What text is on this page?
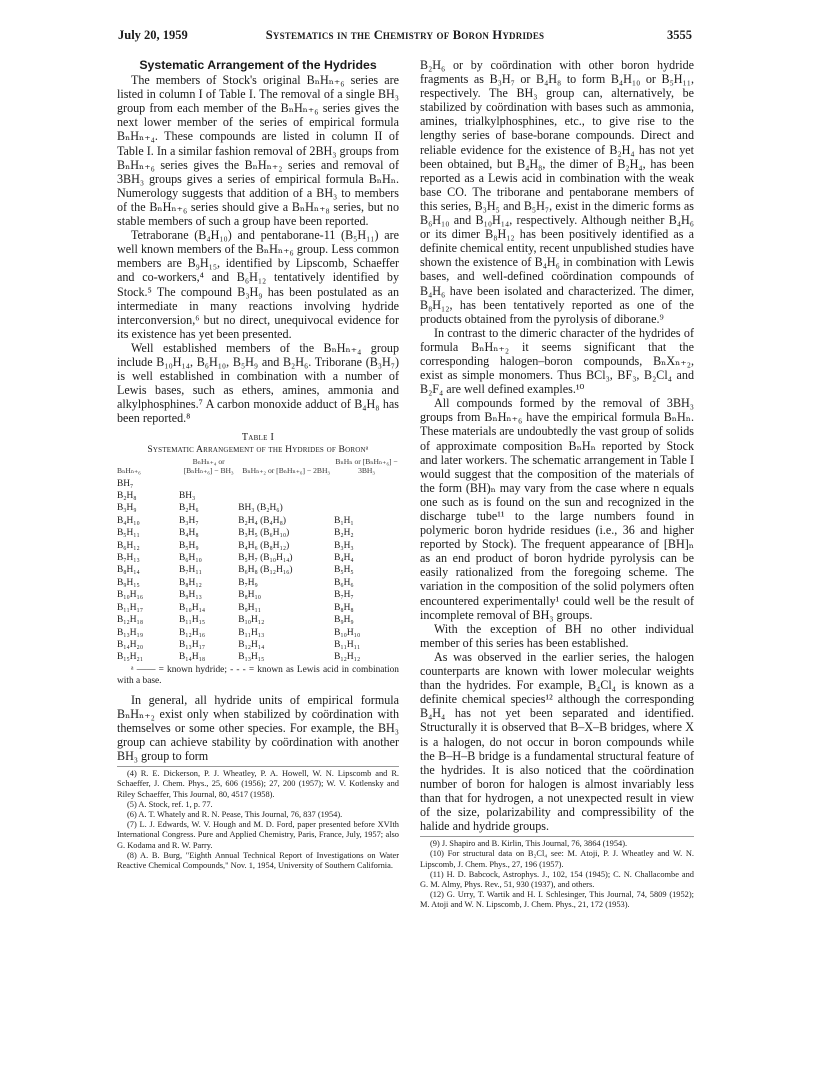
July 20, 1959	Systematics in the Chemistry of Boron Hydrides	3555
Systematic Arrangement of the Hydrides

The members of Stock's original BₙHₙ₊₆ series are listed in column I of Table I. The removal of a single BH₃ group from each member of the BₙHₙ₊₆ series gives the next lower member of the series of empirical formula BₙHₙ₊₄. These compounds are listed in column II of Table I. In a similar fashion removal of 2BH₃ groups from BₙHₙ₊₆ series gives the BₙHₙ₊₂ series and removal of 3BH₃ groups gives a series of empirical formula BₙHₙ. Numerology suggests that addition of a BH₃ to members of the BₙHₙ₊₆ series should give a BₙHₙ₊₈ series, but no stable members of such a group have been reported.

Tetraborane (B₄H₁₀) and pentaborane-11 (B₅H₁₁) are well known members of the BₙHₙ₊₆ group. Less common members are B₉H₁₅, identified by Lipscomb, Schaeffer and co-workers,⁴ and B₆H₁₂ tentatively identified by Stock.⁵ The compound B₃H₉ has been postulated as an intermediate in many reactions involving hydride interconversion,⁶ but no direct, unequivocal evidence for its existence has yet been presented.

Well established members of the BₙHₙ₊₄ group include B₁₀H₁₄, B₆H₁₀, B₅H₉ and B₂H₆. Triborane (B₃H₇) is well established in combination with a number of Lewis bases, such as ethers, amines, ammonia and alkylphosphines.⁷ A carbon monoxide adduct of B₄H₈ has been reported.⁸

Table I
Systematic Arrangement of the Hydrides of Boronᵃ
BₙHₙ₊₆	BₙHₙ₊₄ or [BₙHₙ₊₆] − BH₃	BₙHₙ₊₂ or [BₙHₙ₊₆] − 2BH₃	BₙHₙ or [BₙHₙ₊₆] − 3BH₃
BH₇			
B₂H₈	BH₃		
B₃H₉	B₂H₆	BH₃ (B₂H₆)	
B₄H₁₀	B₃H₇	B₂H₄ (B₄H₈)	B₁H₁
B₅H₁₁	B₄H₈	B₃H₅ (B₆H₁₀)	B₂H₂
B₆H₁₂	B₅H₉	B₄H₆ (B₈H₁₂)	B₃H₃
B₇H₁₃	B₆H₁₀	B₅H₇ (B₁₀H₁₄)	B₄H₄
B₈H₁₄	B₇H₁₁	B₆H₈ (B₁₂H₁₆)	B₅H₅
B₉H₁₅	B₈H₁₂	B₇H₉	B₆H₆
B₁₀H₁₆	B₉H₁₃	B₈H₁₀	B₇H₇
B₁₁H₁₇	B₁₀H₁₄	B₉H₁₁	B₈H₈
B₁₂H₁₈	B₁₁H₁₅	B₁₀H₁₂	B₉H₉
B₁₃H₁₉	B₁₂H₁₆	B₁₁H₁₃	B₁₀H₁₀
B₁₄H₂₀	B₁₃H₁₇	B₁₂H₁₄	B₁₁H₁₁
B₁₅H₂₁	B₁₄H₁₈	B₁₃H₁₅	B₁₂H₁₂
ᵃ —— = known hydride; - - - = known as Lewis acid in combination with a base.

In general, all hydride units of empirical formula BₙHₙ₊₂ exist only when stabilized by coördination with themselves or some other species. For example, the BH₃ group can achieve stability by coördination with another BH₃ group to form

(4) R. E. Dickerson, P. J. Wheatley, P. A. Howell, W. N. Lipscomb and R. Schaeffer, J. Chem. Phys., 25, 606 (1956); 27, 200 (1957); W. V. Kotlensky and Riley Schaeffer, This Journal, 80, 4517 (1958).
(5) A. Stock, ref. 1, p. 77.
(6) A. T. Whately and R. N. Pease, This Journal, 76, 837 (1954).
(7) L. J. Edwards, W. V. Hough and M. D. Ford, paper presented before XVIth International Congress. Pure and Applied Chemistry, Paris, France, July, 1957; also G. Kodama and R. W. Parry.
(8) A. B. Burg, "Eighth Annual Technical Report of Investigations on Water Reactive Chemical Compounds," Nov. 1, 1954, University of Southern California.

B₂H₆ or by coördination with other boron hydride fragments as B₃H₇ or B₄H₈ to form B₄H₁₀ or B₅H₁₁, respectively. The BH₃ group can, alternatively, be stabilized by coördination with bases such as ammonia, amines, trialkylphosphines, etc., to give rise to the lengthy series of base-borane compounds. Direct and reliable evidence for the existence of B₂H₄ has not yet been obtained, but B₄H₈, the dimer of B₂H₄, has been reported as a Lewis acid in combination with the weak base CO. The triborane and pentaborane members of this series, B₃H₅ and B₅H₇, exist in the dimeric forms as B₆H₁₀ and B₁₀H₁₄, respectively. Although neither B₄H₆ or its dimer B₈H₁₂ has been positively identified as a definite chemical entity, recent unpublished studies have shown the existence of B₄H₆ in combination with Lewis bases, and well-defined coördination compounds of B₄H₆ have been isolated and characterized. The dimer, B₈H₁₂, has been tentatively reported as one of the products obtained from the pyrolysis of diborane.⁹

In contrast to the dimeric character of the hydrides of formula BₙHₙ₊₂ it seems significant that the corresponding halogen–boron compounds, BₙXₙ₊₂, exist as simple monomers. Thus BCl₃, BF₃, B₂Cl₄ and B₂F₄ are well defined examples.¹⁰

All compounds formed by the removal of 3BH₃ groups from BₙHₙ₊₆ have the empirical formula BₙHₙ. These materials are undoubtedly the vast group of solids of approximate composition BₙHₙ reported by Stock and later workers. The schematic arrangement in Table I would suggest that the composition of the materials of the form (BH)ₙ may vary from the case where n equals one such as is found on the sun and recognized in the discharge tube¹¹ to the large numbers found in polymeric boron hydride residues (i.e., 36 and higher reported by Stock). The frequent appearance of [BH]ₙ as an end product of boron hydride pyrolysis can be easily rationalized from the foregoing scheme. The variation in the composition of the solid polymers often encountered experimentally¹ could well be the result of incomplete removal of BH₃ groups.

With the exception of BH no other individual member of this series has been established.

As was observed in the earlier series, the halogen counterparts are known with lower molecular weights than the hydrides. For example, B₄Cl₄ is known as a definite chemical species¹² although the corresponding B₄H₄ has not yet been separated and identified. Structurally it is observed that B–X–B bridges, where X is a halogen, do not occur in boron compounds while the B–H–B bridge is a fundamental structural feature of the hydrides. It is also noticed that the coördination number of boron for halogen is almost invariably less than that for hydrogen, a not unexpected result in view of the size, polarizability and compressibility of the halide and hydride groups.

(9) J. Shapiro and B. Kirlin, This Journal, 76, 3864 (1954).
(10) For structural data on B₂Cl₄ see: M. Atoji, P. J. Wheatley and W. N. Lipscomb, J. Chem. Phys., 27, 196 (1957).
(11) H. D. Babcock, Astrophys. J., 102, 154 (1945); C. N. Challacombe and G. M. Almy, Phys. Rev., 51, 930 (1937), and others.
(12) G. Urry, T. Wartik and H. I. Schlesinger, This Journal, 74, 5809 (1952); M. Atoji and W. N. Lipscomb, J. Chem. Phys., 21, 172 (1953).
